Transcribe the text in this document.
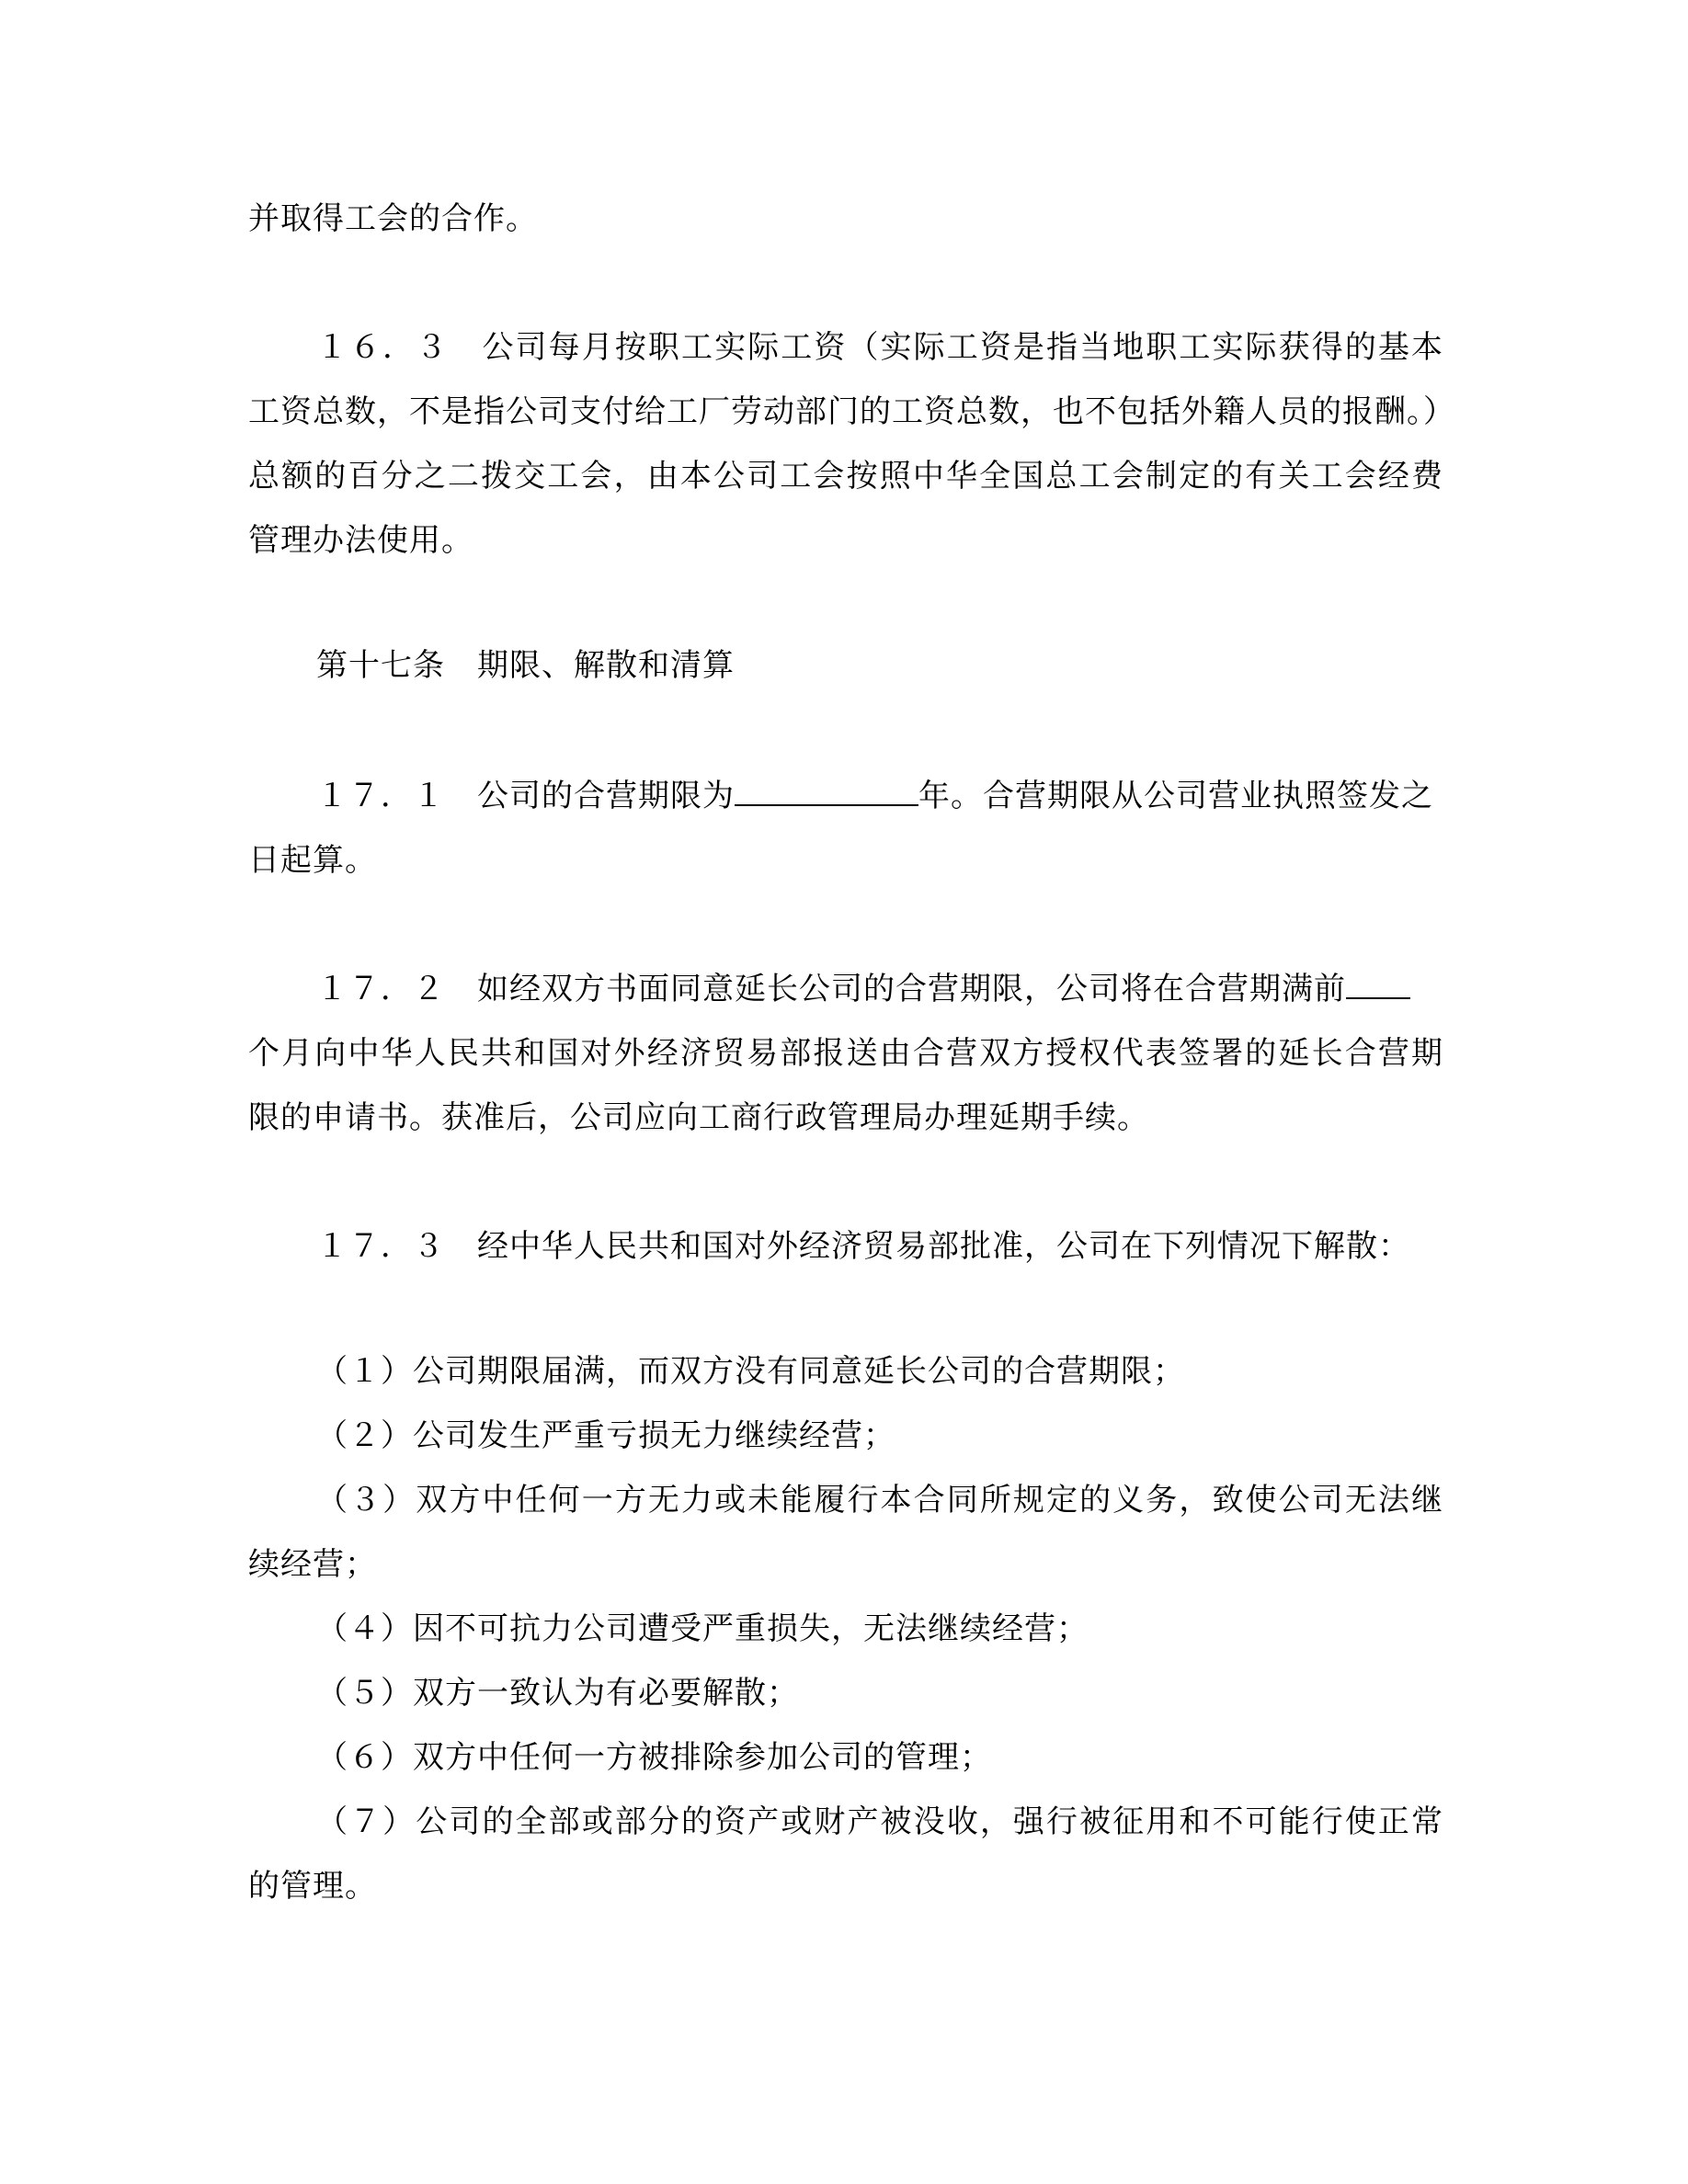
并取得工会的合作。
１６．３　公司每月按职工实际工资（实际工资是指当地职工实际获得的基本
工资总数，不是指公司支付给工厂劳动部门的工资总数，也不包括外籍人员的报酬。）
总额的百分之二拨交工会，由本公司工会按照中华全国总工会制定的有关工会经费
管理办法使用。
第十七条　期限、解散和清算
１７．１　公司的合营期限为	年。合营期限从公司营业执照签发之
日起算。
１７．２　如经双方书面同意延长公司的合营期限，公司将在合营期满前
个月向中华人民共和国对外经济贸易部报送由合营双方授权代表签署的延长合营期
限的申请书。获准后，公司应向工商行政管理局办理延期手续。
１７．３　经中华人民共和国对外经济贸易部批准，公司在下列情况下解散：
（１）公司期限届满，而双方没有同意延长公司的合营期限；
（２）公司发生严重亏损无力继续经营；
（３）双方中任何一方无力或未能履行本合同所规定的义务，致使公司无法继
续经营；
（４）因不可抗力公司遭受严重损失，无法继续经营；
（５）双方一致认为有必要解散；
（６）双方中任何一方被排除参加公司的管理；
（７）公司的全部或部分的资产或财产被没收，强行被征用和不可能行使正常
的管理。
